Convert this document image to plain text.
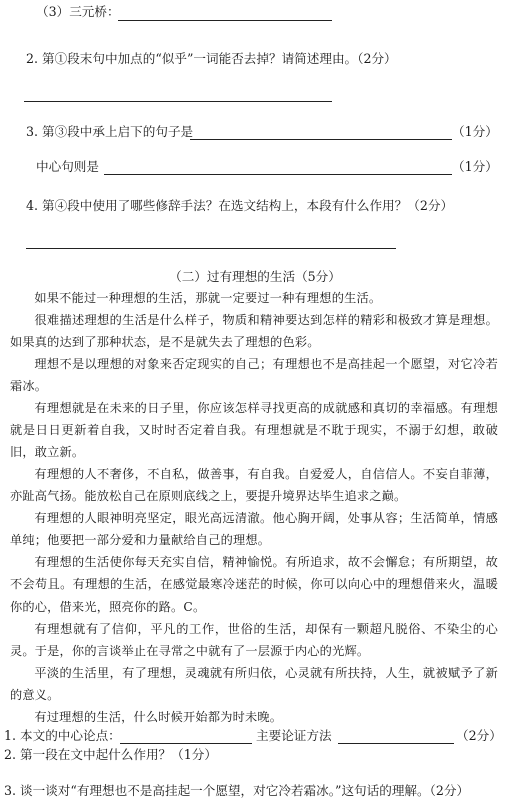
（3）三元桥：
2. 第①段末句中加点的“似乎”一词能否去掉？请简述理由。（2分）
3. 第③段中承上启下的句子是	（1分）
中心句则是	（1分）
4. 第④段中使用了哪些修辞手法？在选文结构上，本段有什么作用？（2分）
（二）过有理想的生活（5分）
如果不能过一种理想的生活，那就一定要过一种有理想的生活。
很难描述理想的生活是什么样子，物质和精神要达到怎样的精彩和极致才算是理想。如果真的达到了那种状态，是不是就失去了理想的色彩。
理想不是以理想的对象来否定现实的自己；有理想也不是高挂起一个愿望，对它冷若霜冰。
有理想就是在未来的日子里，你应该怎样寻找更高的成就感和真切的幸福感。有理想就是日日更新着自我，又时时否定着自我。有理想就是不耽于现实，不溺于幻想，敢破旧，敢立新。
有理想的人不奢侈，不自私，做善事，有自我。自爱爱人，自信信人。不妄自菲薄，亦趾高气扬。能放松自己在原则底线之上，要提升境界达毕生追求之巅。
有理想的人眼神明亮坚定，眼光高远清澈。他心胸开阔，处事从容；生活简单，情感单纯；他要把一部分爱和力量献给自己的理想。
有理想的生活使你每天充实自信，精神愉悦。有所追求，故不会懈怠；有所期望，故不会苟且。有理想的生活，在感觉最寒冷迷茫的时候，你可以向心中的理想借来火，温暖你的心，借来光，照亮你的路。C。
有理想就有了信仰，平凡的工作，世俗的生活，却保有一颗超凡脱俗、不染尘的心灵。于是，你的言谈举止在寻常之中就有了一层源于内心的光辉。
平淡的生活里，有了理想，灵魂就有所归依，心灵就有所扶持，人生，就被赋予了新的意义。
有过理想的生活，什么时候开始都为时未晚。
1. 本文的中心论点：	主要论证方法	（2分）
2. 第一段在文中起什么作用？（1分）
3. 谈一谈对“有理想也不是高挂起一个愿望，对它冷若霜冰。”这句话的理解。（2分）
